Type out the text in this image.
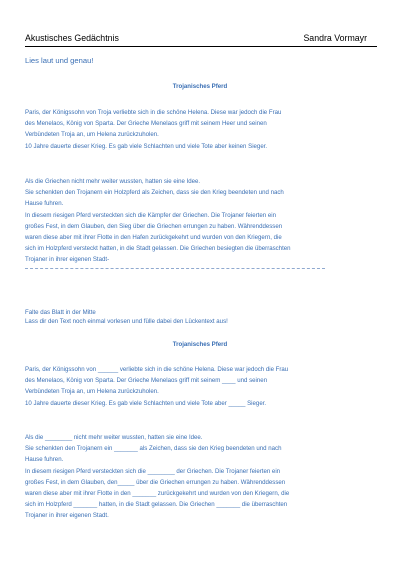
Akustisches Gedächtnis	Sandra Vormayr
Lies laut und genau!
Trojanisches Pferd
Paris, der Königssohn von Troja verliebte sich in die schöne Helena. Diese war jedoch die Frau
des Menelaos, König von Sparta. Der Grieche Menelaos griff mit seinem Heer und seinen
Verbündeten Troja an, um Helena zurückzuholen.
10 Jahre dauerte dieser Krieg. Es gab viele Schlachten und viele Tote aber keinen Sieger.
Als die Griechen nicht mehr weiter wussten, hatten sie eine Idee.
Sie schenkten den Trojanern ein Holzpferd als Zeichen, dass sie den Krieg beendeten und nach
Hause fuhren.
In diesem riesigen Pferd versteckten sich die Kämpfer der Griechen. Die Trojaner feierten ein
großes Fest, in dem Glauben, den Sieg über die Griechen errungen zu haben. Währenddessen
waren diese aber mit ihrer Flotte in den Hafen zurückgekehrt und wurden von den Kriegern, die
sich im Holzpferd versteckt hatten, in die Stadt gelassen. Die Griechen besiegten die überraschten
Trojaner in ihrer eigenen Stadt-
Falte das Blatt in der Mitte
Lass dir den Text noch einmal vorlesen und fülle dabei den Lückentext aus!
Trojanisches Pferd
Paris, der Königssohn von ______ verliebte sich in die schöne Helena. Diese war jedoch die Frau
des Menelaos, König von Sparta. Der Grieche Menelaos griff mit seinem ____ und seinen
Verbündeten Troja an, um Helena zurückzuholen.
10 Jahre dauerte dieser Krieg. Es gab viele Schlachten und viele Tote aber _____ Sieger.
Als die ________ nicht mehr weiter wussten, hatten sie eine Idee.
Sie schenkten den Trojanern ein _______ als Zeichen, dass sie den Krieg beendeten und nach
Hause fuhren.
In diesem riesigen Pferd versteckten sich die ________ der Griechen. Die Trojaner feierten ein
großes Fest, in dem Glauben, den_____ über die Griechen errungen zu haben. Währenddessen
waren diese aber mit ihrer Flotte in den _______ zurückgekehrt und wurden von den Kriegern, die
sich im Holzpferd _______ hatten, in die Stadt gelassen. Die Griechen _______ die überraschten
Trojaner in ihrer eigenen Stadt.
